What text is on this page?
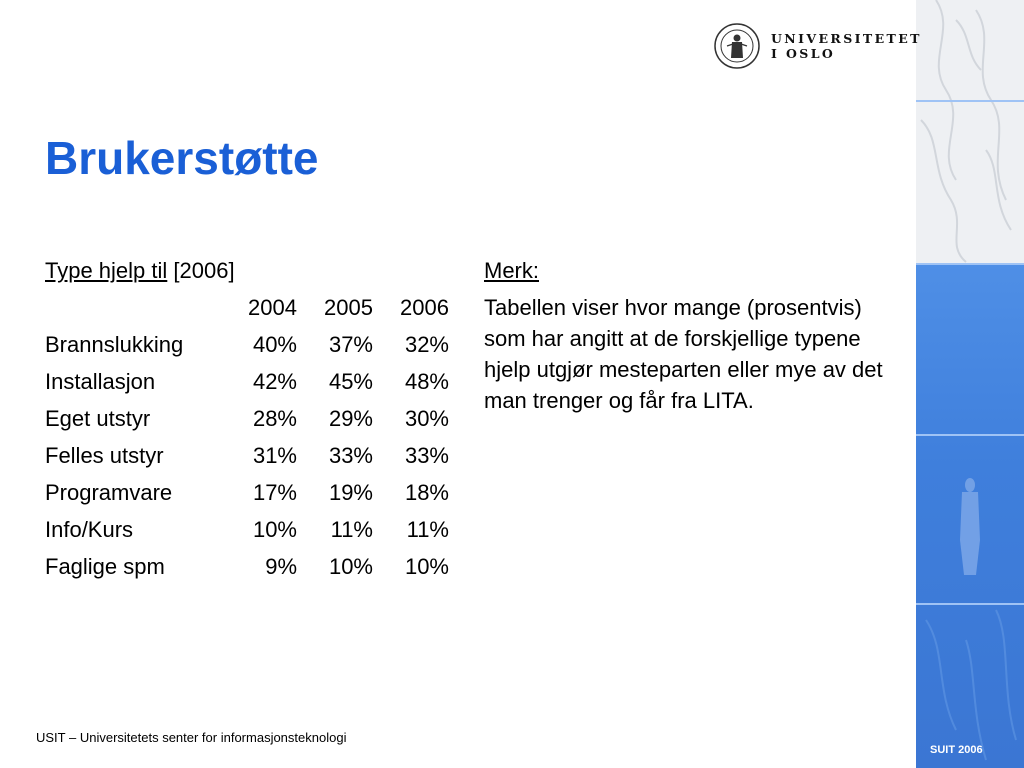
UNIVERSITETET
I OSLO
Brukerstøtte
Type hjelp til [2006]
	2004	2005	2006
Brannslukking	40%	37%	32%
Installasjon	42%	45%	48%
Eget utstyr	28%	29%	30%
Felles utstyr	31%	33%	33%
Programvare	17%	19%	18%
Info/Kurs	10%	11%	11%
Faglige spm	9%	10%	10%
Merk:
Tabellen viser hvor mange (prosentvis) som har angitt at de forskjellige typene hjelp utgjør mesteparten eller mye av det man trenger og får fra LITA.
USIT – Universitetets senter for informasjonsteknologi
SUIT 2006
